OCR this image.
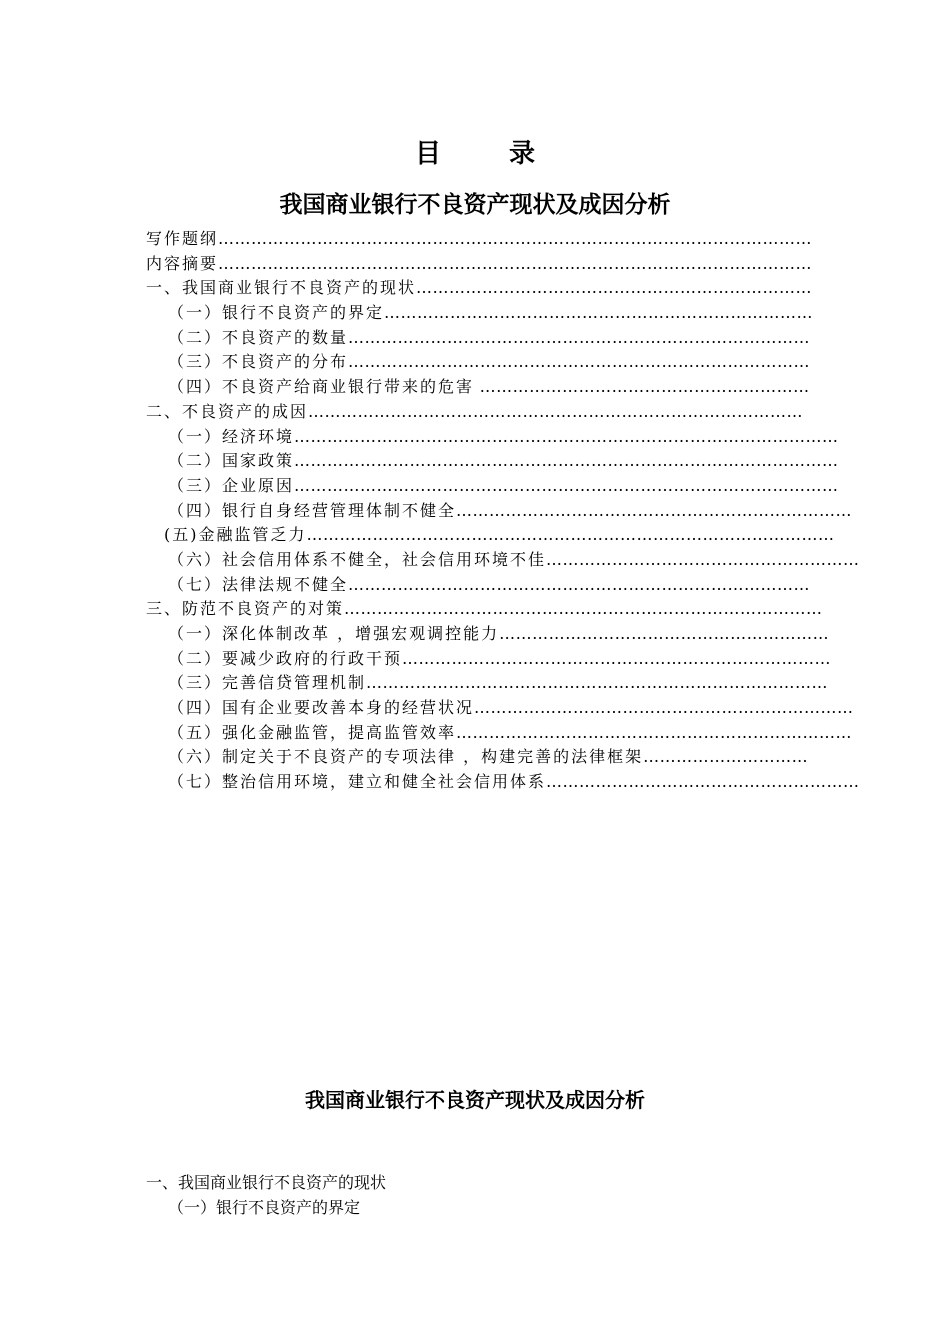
目录
我国商业银行不良资产现状及成因分析
写作题纲………………………………………………………………………………………………
内容摘要………………………………………………………………………………………………
一、我国商业银行不良资产的现状………………………………………………………………
（一）银行不良资产的界定……………………………………………………………………
（二）不良资产的数量…………………………………………………………………………
（三）不良资产的分布…………………………………………………………………………
（四）不良资产给商业银行带来的危害 ……………………………………………………
二、不良资产的成因………………………………………………………………………………
（一）经济环境………………………………………………………………………………………
（二）国家政策………………………………………………………………………………………
（三）企业原因………………………………………………………………………………………
（四）银行自身经营管理体制不健全………………………………………………………………
(五)金融监管乏力……………………………………………………………………………………
（六）社会信用体系不健全，社会信用环境不佳…………………………………………………
（七）法律法规不健全…………………………………………………………………………
三、防范不良资产的对策……………………………………………………………………………
（一）深化体制改革 ，增强宏观调控能力……………………………………………………
（二）要减少政府的行政干预……………………………………………………………………
（三）完善信贷管理机制…………………………………………………………………………
（四）国有企业要改善本身的经营状况……………………………………………………………
（五）强化金融监管，提高监管效率………………………………………………………………
（六）制定关于不良资产的专项法律 ，构建完善的法律框架…………………………
（七）整治信用环境，建立和健全社会信用体系…………………………………………………
我国商业银行不良资产现状及成因分析
一、我国商业银行不良资产的现状
（一）银行不良资产的界定
